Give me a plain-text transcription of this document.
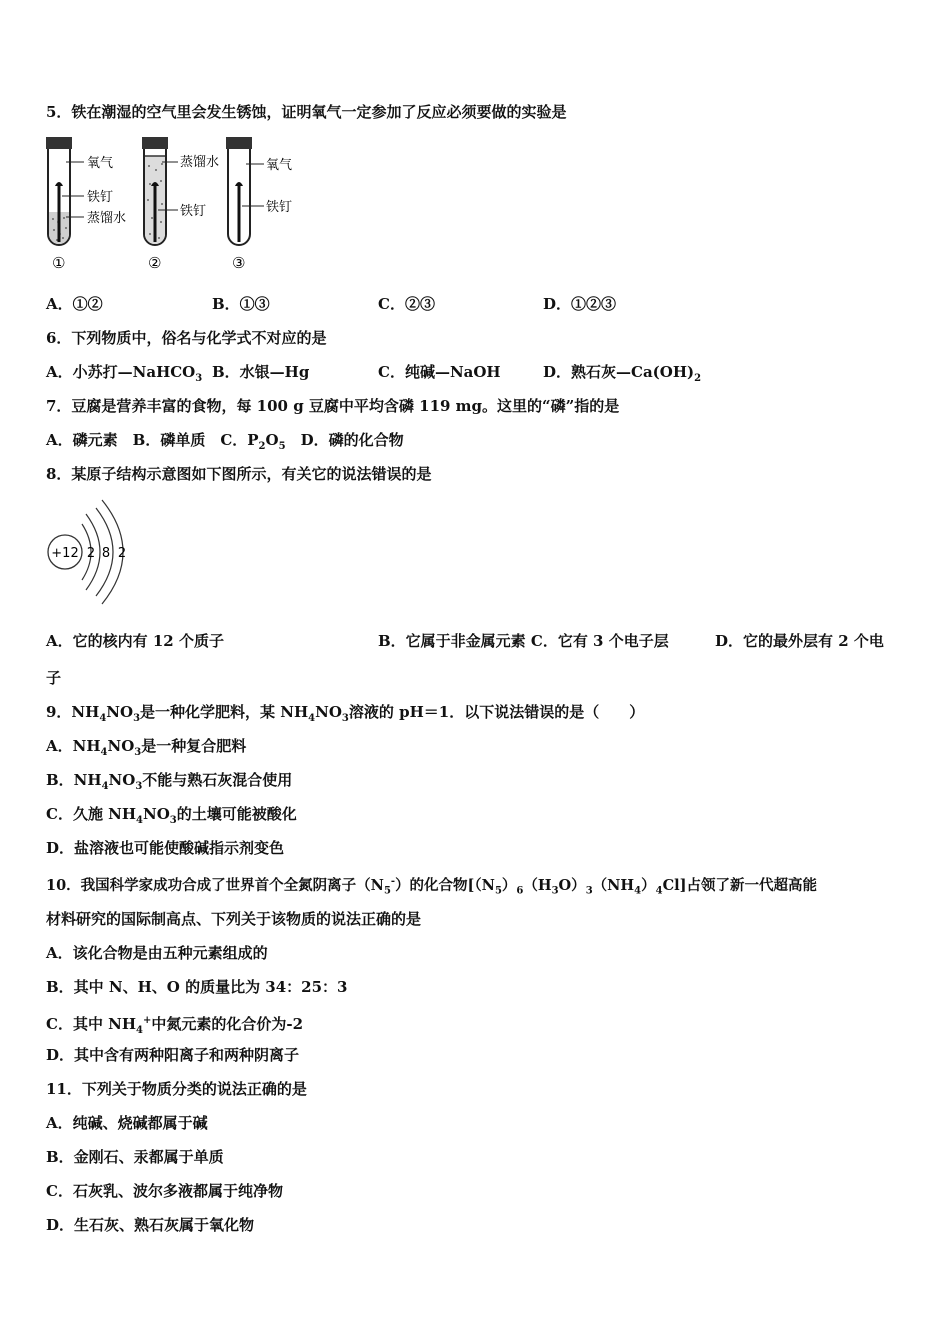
5．铁在潮湿的空气里会发生锈蚀，证明氧气一定参加了反应必须要做的实验是
氧气
铁钉
蒸馏水
①
蒸馏水
铁钉
②
氧气
铁钉
③
A．①②	B．①③	C．②③	D．①②③
6．下列物质中，俗名与化学式不对应的是
A．小苏打—NaHCO$_3$ B．水银—Hg	C．纯碱—NaOH	D．熟石灰$—Ca(OH)_2$
7．豆腐是营养丰富的食物，每 100 g 豆腐中平均含磷 119 mg。这里的“磷”指的是
A．磷元素　B．磷单质　C．$P_2O_5$　D．磷的化合物
8．某原子结构示意图如下图所示，有关它的说法错误的是
+12 2 8 2
A．它的核内有 12 个质子	B．它属于非金属元素 C．它有 3 个电子层	D．它的最外层有 2 个电
子
9．$NH_4NO_3$是一种化学肥料，某 $NH_4NO_3$溶液的 pH＝1．以下说法错误的是（　　）
A．$NH_4NO_3$是一种复合肥料
B．$NH_4NO_3$不能与熟石灰混合使用
C．久施 $NH_4NO_3$的土壤可能被酸化
D．盐溶液也可能使酸碱指示剂变色
10．我国科学家成功合成了世界首个全氮阴离子$(N_5^-)$的化合物$[(N_5)_6(H_3O)_3(NH_4)_4Cl]$占领了新一代超高能
材料研究的国际制高点、下列关于该物质的说法正确的是
A．该化合物是由五种元素组成的
B．其中 N、H、O 的质量比为 34：25：3
C．其中 $NH_4^+$中氮元素的化合价为-2
D．其中含有两种阳离子和两种阴离子
11．下列关于物质分类的说法正确的是
A．纯碱、烧碱都属于碱
B．金刚石、汞都属于单质
C．石灰乳、波尔多液都属于纯净物
D．生石灰、熟石灰属于氧化物
